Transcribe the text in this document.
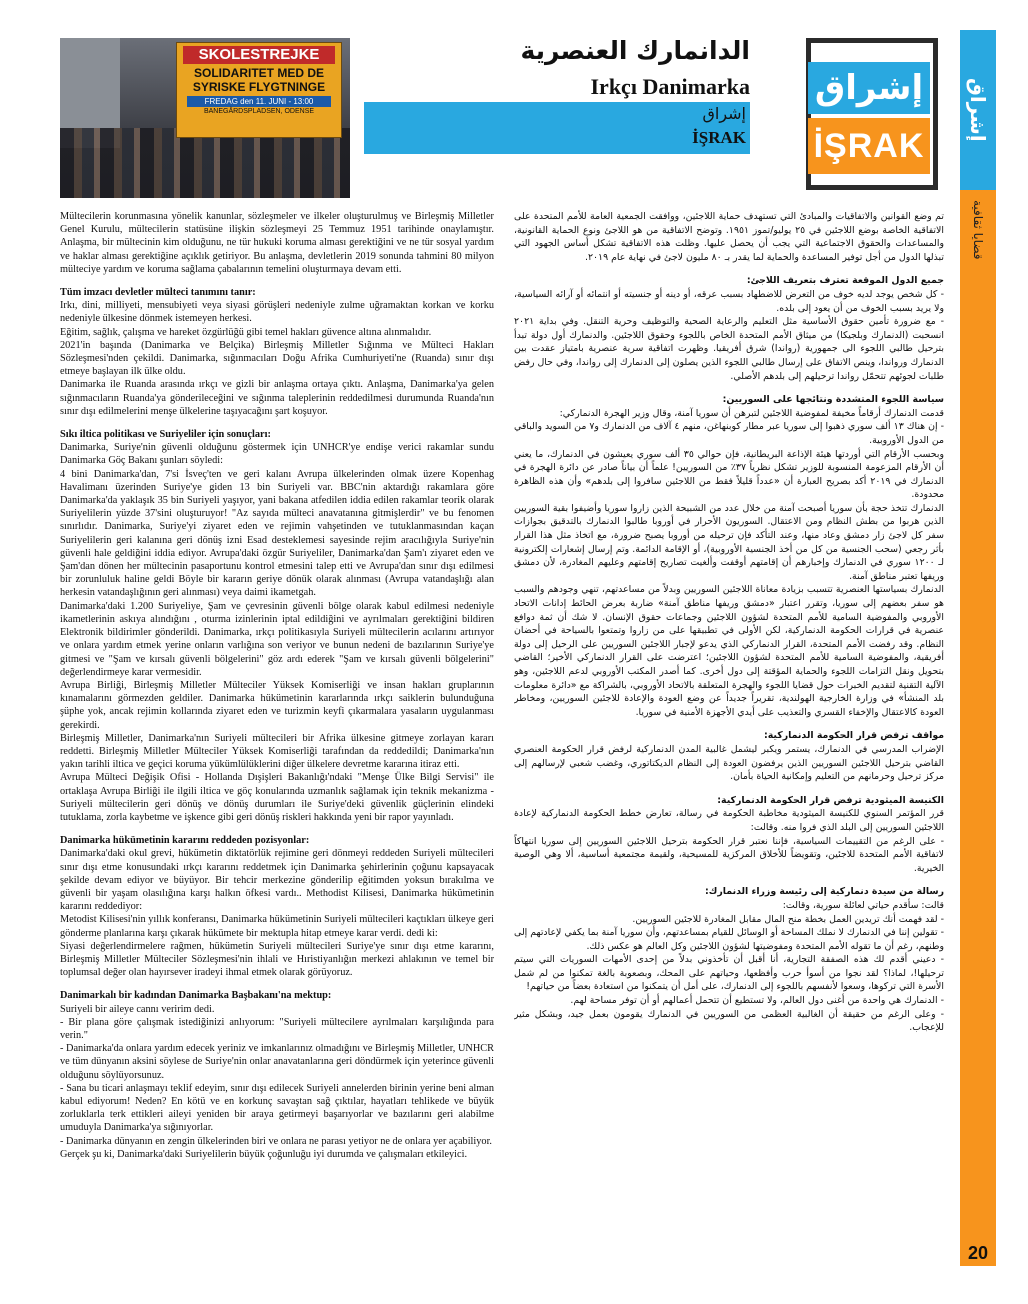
إشراق
قضايا ثقافية
20
إشراق
İŞRAK
الدانمارك العنصرية
Irkçı Danimarka
إشراق
İŞRAK
SKOLESTREJKE
SOLIDARITET MED DE
SYRISKE FLYGTNINGE
FREDAG den 11. JUNI - 13:00
BANEGÅRDSPLADSEN, ODENSE

Mültecilerin korunmasına yönelik kanunlar, sözleşmeler ve ilkeler oluşturulmuş ve Birleşmiş Milletler Genel Kurulu, mültecilerin statüsüne ilişkin sözleşmeyi 25 Temmuz 1951 tarihinde onaylamıştır. Anlaşma, bir mültecinin kim olduğunu, ne tür hukuki koruma alması gerektiğini ve ne tür sosyal yardım ve haklar alması gerektiğine açıklık getiriyor. Bu anlaşma, devletlerin 2019 sonunda tahmini 80 milyon mülteciye yardım ve koruma sağlama çabalarının temelini oluşturmaya devam etti.

Tüm imzacı devletler mülteci tanımını tanır:

Irkı, dini, milliyeti, mensubiyeti veya siyasi görüşleri nedeniyle zulme uğramaktan korkan ve korku nedeniyle ülkesine dönmek istemeyen herkesi.

Eğitim, sağlık, çalışma ve hareket özgürlüğü gibi temel hakları güvence altına alınmalıdır.

2021'in başında (Danimarka ve Belçika) Birleşmiş Milletler Sığınma ve Mülteci Hakları Sözleşmesi'nden çekildi. Danimarka, sığınmacıları Doğu Afrika Cumhuriyeti'ne (Ruanda) sınır dışı etmeye başlayan ilk ülke oldu.

Danimarka ile Ruanda arasında ırkçı ve gizli bir anlaşma ortaya çıktı. Anlaşma, Danimarka'ya gelen sığınmacıların Ruanda'ya gönderileceğini ve sığınma taleplerinin reddedilmesi durumunda Ruanda'nın sınır dışı edilmelerini menşe ülkelerine taşıyacağını şart koşuyor.

Sıkı iltica politikası ve Suriyeliler için sonuçları:

Danimarka, Suriye'nin güvenli olduğunu göstermek için UNHCR'ye endişe verici rakamlar sundu Danimarka Göç Bakanı şunları söyledi:

4 bini Danimarka'dan, 7'si İsveç'ten ve geri kalanı Avrupa ülkelerinden olmak üzere Kopenhag Havalimanı üzerinden Suriye'ye giden 13 bin Suriyeli var. BBC'nin aktardığı rakamlara göre Danimarka'da yaklaşık 35 bin Suriyeli yaşıyor, yani bakana atfedilen iddia edilen rakamlar teorik olarak Suriyelilerin yüzde 37'sini oluşturuyor! "Az sayıda mülteci anavatanına gitmişlerdir" ve bu fenomen sınırlıdır. Danimarka, Suriye'yi ziyaret eden ve rejimin vahşetinden ve tutuklanmasından kaçan Suriyelilerin geri kalanına geri dönüş izni Esad desteklemesi sayesinde rejim aracılığıyla Suriye'nin güvenli hale geldiğini iddia ediyor. Avrupa'daki özgür Suriyeliler, Danimarka'dan Şam'ı ziyaret eden ve Şam'dan dönen her mültecinin pasaportunu kontrol etmesini talep etti ve Avrupa'dan sınır dışı edilmesi bir zorunluluk haline geldi Böyle bir kararın geriye dönük olarak alınması (Avrupa vatandaşlığı alan herkesin vatandaşlığının geri alınması) veya daimi ikametgah.

Danimarka'daki 1.200 Suriyeliye, Şam ve çevresinin güvenli bölge olarak kabul edilmesi nedeniyle ikametlerinin askıya alındığını , oturma izinlerinin iptal edildiğini ve ayrılmaları gerektiğini bildiren Elektronik bildirimler gönderildi. Danimarka, ırkçı politikasıyla Suriyeli mültecilerin acılarını artırıyor ve onlara yardım etmek yerine onların varlığına son veriyor ve bunun nedeni de bazılarının Suriye'ye gitmesi ve "Şam ve kırsalı güvenli bölgelerini" göz ardı ederek "Şam ve kırsalı güvenli bölgelerini" değerlendirmeye karar vermesidir.

Avrupa Birliği, Birleşmiş Milletler Mülteciler Yüksek Komiserliği ve insan hakları gruplarının kınamalarını görmezden geldiler. Danimarka hükümetinin kararlarında ırkçı saiklerin bulunduğuna şüphe yok, ancak rejimin kollarında ziyaret eden ve turizmin keyfi çıkarmalara yasaların uygulanması gerekirdi.

Birleşmiş Milletler, Danimarka'nın Suriyeli mültecileri bir Afrika ülkesine gitmeye zorlayan kararı reddetti. Birleşmiş Milletler Mülteciler Yüksek Komiserliği tarafından da reddedildi; Danimarka'nın yakın tarihli iltica ve geçici koruma yükümlülüklerini diğer ülkelere devretme kararına itiraz etti.

Avrupa Mülteci Değişik Ofisi - Hollanda Dışişleri Bakanlığı'ndaki "Menşe Ülke Bilgi Servisi" ile ortaklaşa Avrupa Birliği ile ilgili iltica ve göç konularında uzmanlık sağlamak için teknik mekanizma - Suriyeli mültecilerin geri dönüş ve dönüş durumları ile Suriye'deki güvenlik güçlerinin elindeki tutuklama, zorla kaybetme ve işkence gibi geri dönüş riskleri hakkında yeni bir rapor yayınladı.

Danimarka hükümetinin kararını reddeden pozisyonlar:

Danimarka'daki okul grevi, hükümetin diktatörlük rejimine geri dönmeyi reddeden Suriyeli mültecileri sınır dışı etme konusundaki ırkçı kararını reddetmek için Danimarka şehirlerinin çoğunu kapsayacak şekilde devam ediyor ve büyüyor. Bir tehcir merkezine gönderilip eğitimden yoksun bırakılma ve güvenli bir yaşam olasılığına karşı halkın öfkesi vardı.. Methodist Kilisesi, Danimarka hükümetinin kararını reddediyor:

Metodist Kilisesi'nin yıllık konferansı, Danimarka hükümetinin Suriyeli mültecileri kaçtıkları ülkeye geri gönderme planlarına karşı çıkarak hükümete bir mektupla hitap etmeye karar verdi. dedi ki:

Siyasi değerlendirmelere rağmen, hükümetin Suriyeli mültecileri Suriye'ye sınır dışı etme kararını, Birleşmiş Milletler Mülteciler Sözleşmesi'nin ihlali ve Hıristiyanlığın merkezi ahlakının ve temel bir toplumsal değer olan hayırsever iradeyi ihmal etmek olarak görüyoruz.

Danimarkalı bir kadından Danimarka Başbakanı'na mektup:

Suriyeli bir aileye cannı veririm dedi.

- Bir plana göre çalışmak istediğinizi anlıyorum: "Suriyeli mültecilere ayrılmaları karşılığında para verin."

- Danimarka'da onlara yardım edecek yeriniz ve imkanlarınız olmadığını ve Birleşmiş Milletler, UNHCR ve tüm dünyanın aksini söylese de Suriye'nin onlar anavatanlarına geri döndürmek için yeterince güvenli olduğunu söylüyorsunuz.

- Sana bu ticari anlaşmayı teklif edeyim, sınır dışı edilecek Suriyeli annelerden birinin yerine beni alman kabul ediyorum! Neden? En kötü ve en korkunç savaştan sağ çıktılar, hayatları tehlikede ve büyük zorluklarla terk ettikleri aileyi yeniden bir araya getirmeyi başarıyorlar ve bazılarını geri alabilme umuduyla Danimarka'ya sığınıyorlar.

- Danimarka dünyanın en zengin ülkelerinden biri ve onlara ne parası yetiyor ne de onlara yer açabiliyor.

Gerçek şu ki, Danimarka'daki Suriyelilerin büyük çoğunluğu iyi durumda ve çalışmaları etkileyici.

تم وضع القوانين والاتفاقيات والمبادئ التي تستهدف حماية اللاجئين، ووافقت الجمعية العامة للأمم المتحدة على الاتفاقية الخاصة بوضع اللاجئين في ٢٥ يوليو/تموز ١٩٥١. وتوضح الاتفاقية من هو اللاجئ ونوع الحماية القانونية، والمساعدات والحقوق الاجتماعية التي يجب أن يحصل عليها. وظلت هذه الاتفاقية تشكل أساس الجهود التي تبذلها الدول من أجل توفير المساعدة والحماية لما يقدر بـ ٨٠ مليون لاجئ في نهاية عام ٢٠١٩.

جميع الدول الموقعة تعترف بتعريف اللاجئ:

- كل شخص يوجد لديه خوف من التعرض للاضطهاد بسبب عرقه، أو دينه أو جنسيته أو انتمائه أو آرائه السياسية، ولا يريد بسبب الخوف من أن يعود إلى بلده.

- مع ضرورة تأمين حقوق الأساسية مثل التعليم والرعاية الصحية والتوظيف وحرية التنقل. وفي بداية ٢٠٢١ انسحبت (الدنمارك وبلجيكا) من ميثاق الأمم المتحدة الخاص باللجوء وحقوق اللاجئين. والدنمارك أول دولة تبدأ بترحيل طالبي اللجوء الى جمهورية (رواندا) شرق أفريقيا. وظهرت اتفاقية سرية عنصرية بامتياز عقدت بين الدنمارك ورواندا، وينص الاتفاق على إرسال طالبي اللجوء الذين يصلون إلى الدنمارك إلى رواندا، وفي حال رفض طلبات لجوئهم تتحمّل رواندا ترحيلهم إلى بلدهم الأصلي.

سياسة اللجوء المتشددة ونتائجها على السوريين:

قدمت الدنمارك أرقاماً مخيفة لمفوضية اللاجئين لتبرهن أن سوريا آمنة، وقال وزير الهجرة الدنماركي:

- إن هناك ١٣ ألف سوري ذهبوا إلى سوريا عبر مطار كوبنهاغن، منهم ٤ آلاف من الدنمارك و٧ من السويد والباقي من الدول الأوروبية.

وبحسب الأرقام التي أوردتها هيئة الإذاعة البريطانية، فإن حوالي ٣٥ ألف سوري يعيشون في الدنمارك، ما يعني أن الأرقام المزعومة المنسوبة للوزير تشكل نظرياً ٣٧٪ من السوريين! علماً أن بياناً صادر عن دائرة الهجرة في الدنمارك في ٢٠١٩ أكد بصريح العبارة أن «عدداً قليلاً فقط من اللاجئين سافروا إلى بلدهم» وأن هذه الظاهرة محدودة.

الدنمارك تتخذ حجة بأن سوريا أصبحت آمنة من خلال عدد من الشبيحة الذين زاروا سوريا وأضيفوا بقية السوريين الذين هربوا من بطش النظام ومن الاعتقال. السوريون الأحرار في أوروبا طالبوا الدنمارك بالتدقيق بجوازات سفر كل لاجئ زار دمشق وعاد منها، وعند التأكد فإن ترحيله من أوروبا يصبح ضرورة، مع اتخاذ مثل هذا القرار بأثر رجعي (سحب الجنسية من كل من أخذ الجنسية الأوروبية)، أو الإقامة الدائمة. وتم إرسال إشعارات إلكترونية لـ ١٢٠٠ سوري في الدنمارك وإخبارهم أن إقامتهم أوقفت وألغيت تصاريح إقامتهم وعليهم المغادرة، لأن دمشق وريفها تعتبر مناطق آمنة.

الدنمارك بسياستها العنصرية تتسبب بزيادة معاناة اللاجئين السوريين وبدلاً من مساعدتهم، تنهي وجودهم والسبب هو سفر بعضهم إلى سوريا، وتقرر اعتبار «دمشق وريفها مناطق آمنة» ضاربة بعرض الحائط إدانات الاتحاد الأوروبي والمفوضية السامية للأمم المتحدة لشؤون اللاجئين وجماعات حقوق الإنسان. لا شك أن ثمة دوافع عنصرية في قرارات الحكومة الدنماركية، لكن الأولى في تطبيقها على من زاروا وتمتعوا بالسياحة في أحضان النظام. وقد رفضت الأمم المتحدة، القرار الدنماركي الذي يدعو لإجبار اللاجئين السوريين على الرحيل إلى دولة أفريقية، والمفوضية السامية للأمم المتحدة لشؤون اللاجئين؛ اعترضت على القرار الدنماركي الأخير؛ القاضي بتحويل ونقل التزامات اللجوء والحماية المؤقتة إلى دول أخرى. كما أصدر المكتب الأوروبي لدعم اللاجئين، وهو الآلية التقنية لتقديم الخبرات حول قضايا اللجوء والهجرة المتعلقة بالاتحاد الأوروبي، بالشراكة مع «دائرة معلومات بلد المنشأ» في وزارة الخارجية الهولندية، تقريراً جديداً عن وضع العودة والإعادة للاجئين السوريين، ومخاطر العودة كالاعتقال والإخفاء القسري والتعذيب على أيدي الأجهزة الأمنية في سوريا.

مواقف ترفض قرار الحكومة الدنماركية:

الإضراب المدرسي في الدنمارك، يستمر ويكبر ليشمل غالبية المدن الدنماركية لرفض قرار الحكومة العنصري القاضي بترحيل اللاجئين السوريين الذين يرفضون العودة إلى النظام الديكتاتوري، وغضب شعبي لإرسالهم إلى مركز ترحيل وحرمانهم من التعليم وإمكانية الحياة بأمان.

الكنيسة الميثودية ترفض قرار الحكومة الدنماركية:

قرر المؤتمر السنوي للكنيسة الميثودية مخاطبة الحكومة في رسالة، تعارض خطط الحكومة الدنماركية لإعادة اللاجئين السوريين إلى البلد الذي فروا منه. وقالت:

- على الرغم من التقييمات السياسية، فإننا نعتبر قرار الحكومة بترحيل اللاجئين السوريين إلى سوريا انتهاكاً لاتفاقية الأمم المتحدة للاجئين، وتقويضاً للأخلاق المركزية للمسيحية، ولقيمة مجتمعية أساسية، ألا وهي الوصية الخيرية.

رسالة من سيدة دنماركية إلى رئيسة وزراء الدنمارك:

قالت: سأقدم حياتي لعائلة سورية، وقالت:

- لقد فهمت أنك تريدين العمل بخطة منح المال مقابل المغادرة للاجئين السوريين.

- تقولين إننا في الدنمارك لا نملك المساحة أو الوسائل للقيام بمساعدتهم، وأن سوريا آمنة بما يكفي لإعادتهم إلى وطنهم، رغم أن ما تقوله الأمم المتحدة ومفوضيتها لشؤون اللاجئين وكل العالم هو عكس ذلك.

- دعيني أقدم لك هذه الصفقة التجارية، أنا أقبل أن تأخذوني بدلاً من إحدى الأمهات السوريات التي سيتم ترحيلها!، لماذا؟ لقد نجوا من أسوأ حرب وأفظعها، وحياتهم على المحك، وبصعوبة بالغة تمكنوا من لم شمل الأسرة التي تركوها، وسعوا لأنفسهم باللجوء إلى الدنمارك، على أمل أن يتمكنوا من استعادة بعضاً من حياتهم!

- الدنمارك هي واحدة من أغنى دول العالم، ولا تستطيع أن تتحمل أعمالهم أو أن توفر مساحة لهم.

- وعلى الرغم من حقيقة أن الغالبية العظمى من السوريين في الدنمارك يقومون بعمل جيد، وبشكل مثير للإعجاب.
